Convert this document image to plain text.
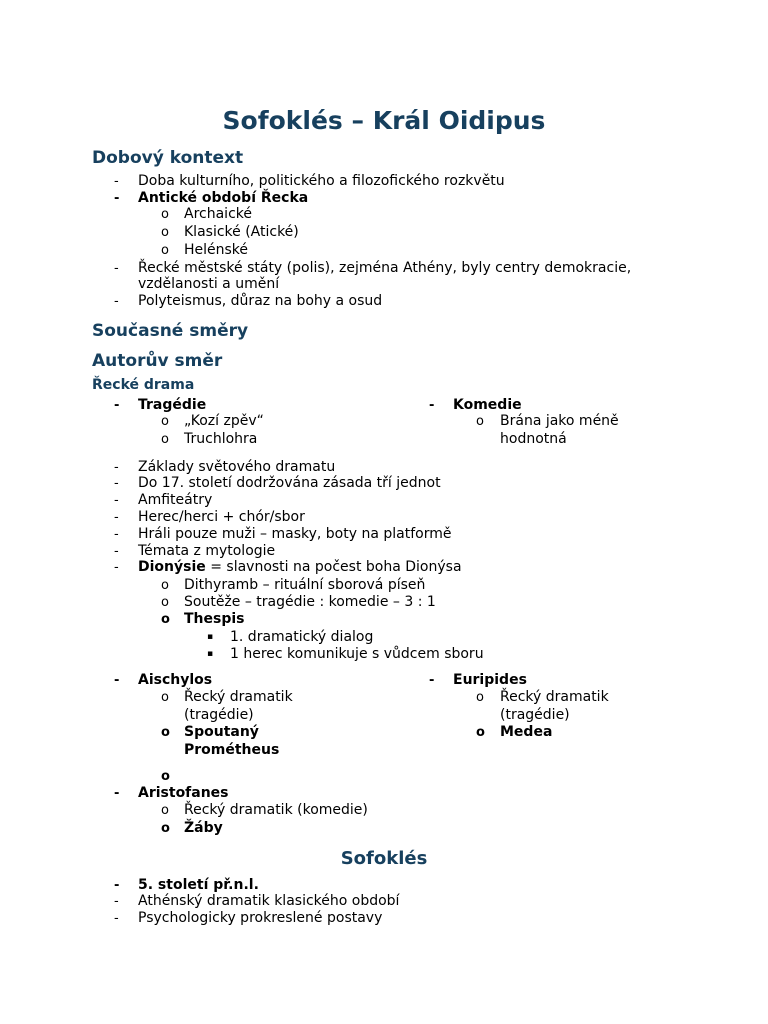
Sofoklés – Král Oidipus
Dobový kontext
- Doba kulturního, politického a filozofického rozkvětu
- Antické období Řecka
o Archaické
o Klasické (Atické)
o Helénské
- Řecké městské státy (polis), zejména Athény, byly centry demokracie,
vzdělanosti a umění
- Polyteismus, důraz na bohy a osud
Současné směry
Autorův směr
Řecké drama
- Tragédie
o „Kozí zpěv“
o Truchlohra
- Komedie
o Brána jako méně
hodnotná
- Základy světového dramatu
- Do 17. století dodržována zásada tří jednot
- Amfiteátry
- Herec/herci + chór/sbor
- Hráli pouze muži – masky, boty na platformě
- Témata z mytologie
- Dionýsie = slavnosti na počest boha Dionýsa
o Dithyramb – rituální sborová píseň
o Soutěže – tragédie : komedie – 3 : 1
o Thespis
▪ 1. dramatický dialog
▪ 1 herec komunikuje s vůdcem sboru
- Aischylos
o Řecký dramatik
(tragédie)
o Spoutaný
Prométheus
o
- Euripides
o Řecký dramatik
(tragédie)
o Medea
- Aristofanes
o Řecký dramatik (komedie)
o Žáby
Sofoklés
- 5. století př.n.l.
- Athénský dramatik klasického období
- Psychologicky prokreslené postavy
